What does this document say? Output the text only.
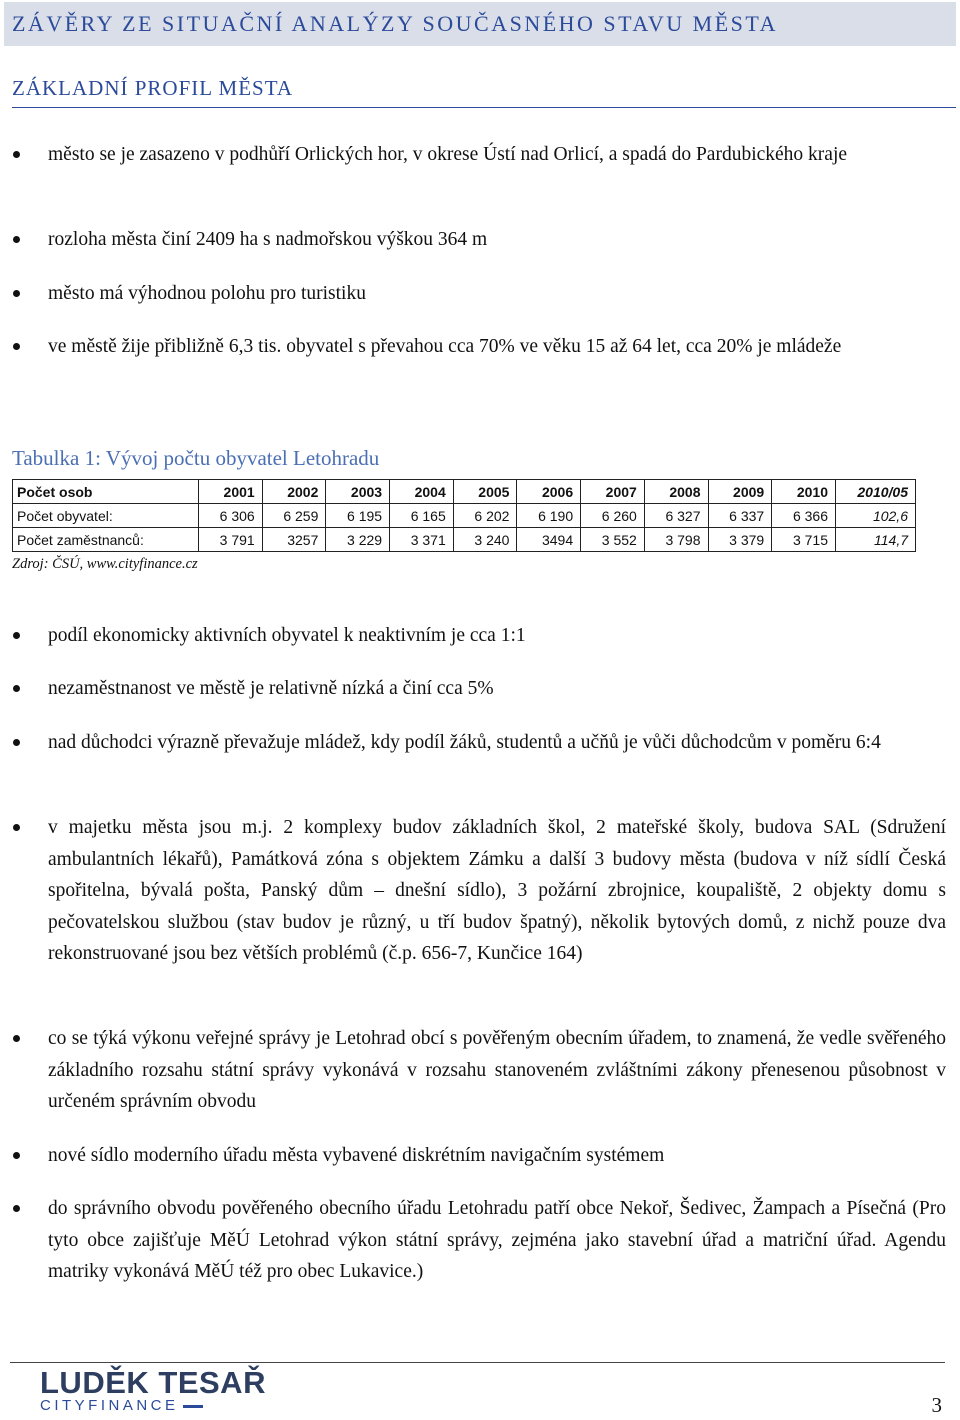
ZÁVĚRY ZE SITUAČNÍ ANALÝZY SOUČASNÉHO STAVU MĚSTA
ZÁKLADNÍ PROFIL MĚSTA
město se je zasazeno v podhůří Orlických hor, v okrese Ústí nad Orlicí, a spadá do Pardubického kraje
rozloha města činí 2409 ha s nadmořskou výškou 364 m
město má výhodnou polohu pro turistiku
ve městě žije přibližně 6,3 tis. obyvatel s převahou cca 70% ve věku 15 až 64 let, cca 20% je mládeže
Tabulka 1: Vývoj počtu obyvatel Letohradu
Počet osob	2001	2002	2003	2004	2005	2006	2007	2008	2009	2010	2010/05
Počet obyvatel:	6 306	6 259	6 195	6 165	6 202	6 190	6 260	6 327	6 337	6 366	102,6
Počet zaměstnanců:	3 791	3257	3 229	3 371	3 240	3494	3 552	3 798	3 379	3 715	114,7
Zdroj: ČSÚ, www.cityfinance.cz
podíl ekonomicky aktivních obyvatel k neaktivním je cca 1:1
nezaměstnanost ve městě je relativně nízká a činí cca 5%
nad důchodci výrazně převažuje mládež, kdy podíl žáků, studentů a učňů je vůči důchodcům v poměru 6:4
v majetku města jsou m.j. 2 komplexy budov základních škol, 2 mateřské školy, budova SAL (Sdružení ambulantních lékařů), Památková zóna s objektem Zámku a další 3 budovy města (budova v níž sídlí Česká spořitelna, bývalá pošta, Panský dům – dnešní sídlo), 3 požární zbrojnice, koupaliště, 2 objekty domu s pečovatelskou službou (stav budov je různý, u tří budov špatný), několik bytových domů, z nichž pouze dva rekonstruované jsou bez větších problémů (č.p. 656-7, Kunčice 164)
co se týká výkonu veřejné správy je Letohrad obcí s pověřeným obecním úřadem, to znamená, že vedle svěřeného základního rozsahu státní správy vykonává v rozsahu stanoveném zvláštními zákony přenesenou působnost v určeném správním obvodu
nové sídlo moderního úřadu města vybavené diskrétním navigačním systémem
do správního obvodu pověřeného obecního úřadu Letohradu patří obce Nekoř, Šedivec, Žampach a Písečná (Pro tyto obce zajišťuje MěÚ Letohrad výkon státní správy, zejména jako stavební úřad a matriční úřad. Agendu matriky vykonává MěÚ též pro obec Lukavice.)
LUDĚK TESAŘ
CITYFINANCE	3
